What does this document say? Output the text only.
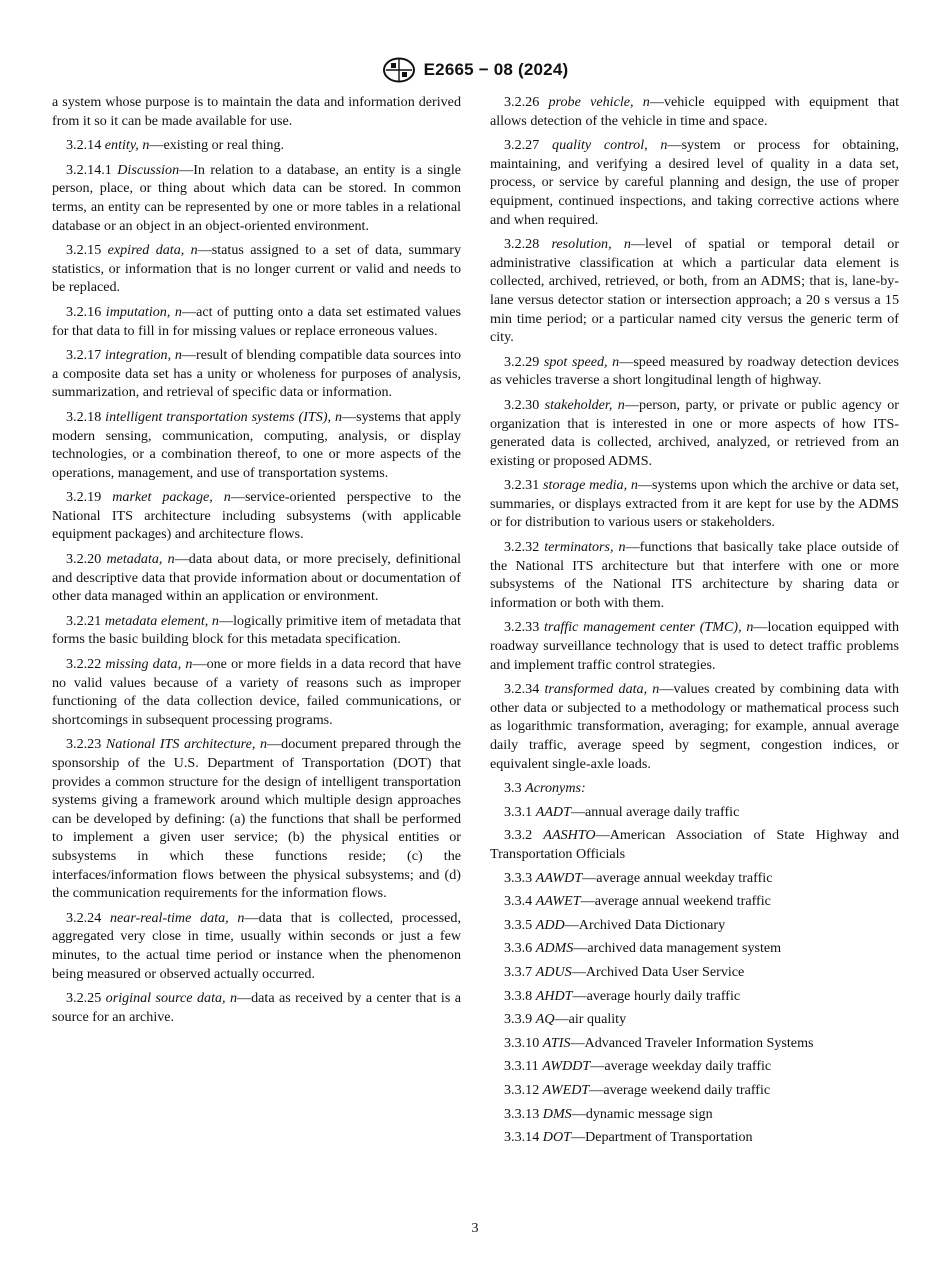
E2665 − 08 (2024)

a system whose purpose is to maintain the data and information derived from it so it can be made available for use.

3.2.14 entity, n—existing or real thing.

3.2.14.1 Discussion—In relation to a database, an entity is a single person, place, or thing about which data can be stored. In common terms, an entity can be represented by one or more tables in a relational database or an object in an object-oriented environment.

3.2.15 expired data, n—status assigned to a set of data, summary statistics, or information that is no longer current or valid and needs to be replaced.

3.2.16 imputation, n—act of putting onto a data set estimated values for that data to fill in for missing values or replace erroneous values.

3.2.17 integration, n—result of blending compatible data sources into a composite data set has a unity or wholeness for purposes of analysis, summarization, and retrieval of specific data or information.

3.2.18 intelligent transportation systems (ITS), n—systems that apply modern sensing, communication, computing, analysis, or display technologies, or a combination thereof, to one or more aspects of the operations, management, and use of transportation systems.

3.2.19 market package, n—service-oriented perspective to the National ITS architecture including subsystems (with applicable equipment packages) and architecture flows.

3.2.20 metadata, n—data about data, or more precisely, definitional and descriptive data that provide information about or documentation of other data managed within an application or environment.

3.2.21 metadata element, n—logically primitive item of metadata that forms the basic building block for this metadata specification.

3.2.22 missing data, n—one or more fields in a data record that have no valid values because of a variety of reasons such as improper functioning of the data collection device, failed communications, or shortcomings in subsequent processing programs.

3.2.23 National ITS architecture, n—document prepared through the sponsorship of the U.S. Department of Transportation (DOT) that provides a common structure for the design of intelligent transportation systems giving a framework around which multiple design approaches can be developed by defining: (a) the functions that shall be performed to implement a given user service; (b) the physical entities or subsystems in which these functions reside; (c) the interfaces/information flows between the physical subsystems; and (d) the communication requirements for the information flows.

3.2.24 near-real-time data, n—data that is collected, processed, aggregated very close in time, usually within seconds or just a few minutes, to the actual time period or instance when the phenomenon being measured or observed actually occurred.

3.2.25 original source data, n—data as received by a center that is a source for an archive.

3.2.26 probe vehicle, n—vehicle equipped with equipment that allows detection of the vehicle in time and space.

3.2.27 quality control, n—system or process for obtaining, maintaining, and verifying a desired level of quality in a data set, process, or service by careful planning and design, the use of proper equipment, continued inspections, and taking corrective actions where and when required.

3.2.28 resolution, n—level of spatial or temporal detail or administrative classification at which a particular data element is collected, archived, retrieved, or both, from an ADMS; that is, lane-by-lane versus detector station or intersection approach; a 20 s versus a 15 min time period; or a particular named city versus the generic term of city.

3.2.29 spot speed, n—speed measured by roadway detection devices as vehicles traverse a short longitudinal length of highway.

3.2.30 stakeholder, n—person, party, or private or public agency or organization that is interested in one or more aspects of how ITS-generated data is collected, archived, analyzed, or retrieved from an existing or proposed ADMS.

3.2.31 storage media, n—systems upon which the archive or data set, summaries, or displays extracted from it are kept for use by the ADMS or for distribution to various users or stakeholders.

3.2.32 terminators, n—functions that basically take place outside of the National ITS architecture but that interfere with one or more subsystems of the National ITS architecture by sharing data or information or both with them.

3.2.33 traffic management center (TMC), n—location equipped with roadway surveillance technology that is used to detect traffic problems and implement traffic control strategies.

3.2.34 transformed data, n—values created by combining data with other data or subjected to a methodology or mathematical process such as logarithmic transformation, averaging; for example, annual average daily traffic, average speed by segment, congestion indices, or equivalent single-axle loads.

3.3 Acronyms:

3.3.1 AADT—annual average daily traffic

3.3.2 AASHTO—American Association of State Highway and Transportation Officials

3.3.3 AAWDT—average annual weekday traffic

3.3.4 AAWET—average annual weekend traffic

3.3.5 ADD—Archived Data Dictionary

3.3.6 ADMS—archived data management system

3.3.7 ADUS—Archived Data User Service

3.3.8 AHDT—average hourly daily traffic

3.3.9 AQ—air quality

3.3.10 ATIS—Advanced Traveler Information Systems

3.3.11 AWDDT—average weekday daily traffic

3.3.12 AWEDT—average weekend daily traffic

3.3.13 DMS—dynamic message sign

3.3.14 DOT—Department of Transportation

3
